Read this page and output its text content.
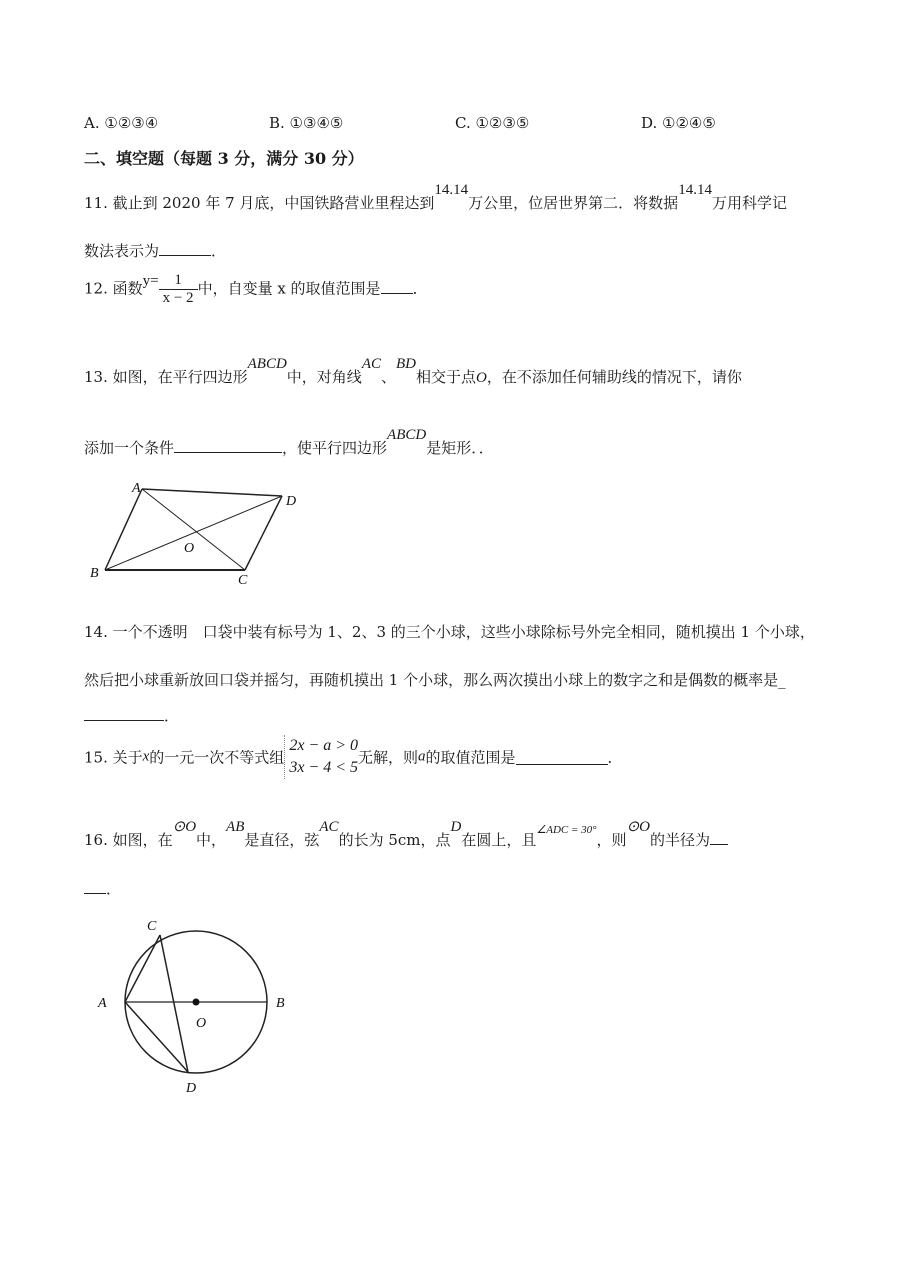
A. ①②③④	B. ①③④⑤	C. ①②③⑤	D. ①②④⑤
二、填空题（每题 3 分，满分 30 分）
11. 截止到 2020 年 7 月底，中国铁路营业里程达到14.14万公里，位居世界第二．将数据14.14万用科学记
数法表示为	．
12. 函数$y= \frac{1}{x - 2}$ 中，自变量 x 的取值范围是 ．
13. 如图，在平行四边形ABCD中，对角线AC、BD相交于点O，在不添加任何辅助线的情况下，请你
添加一个条件	，使平行四边形ABCD是矩形．．
A
D
B	C
O
14. 一个不透明　口袋中装有标号为 1、2、3 的三个小球，这些小球除标号外完全相同，随机摸出 1 个小球，
然后把小球重新放回口袋并摇匀，再随机摸出 1 个小球，那么两次摸出小球上的数字之和是偶数的概率是_
．
15. 关于x的一元一次不等式组
2x − a > 0
3x − 4 < 5
无解，则a的取值范围是	．
16. 如图，在⊙O中，AB是直径，弦AC的长为 5cm，点D在圆上，且$^{\angle ADC = 30^\circ}$，则⊙O的半径为
．
C
A	B
O
D
